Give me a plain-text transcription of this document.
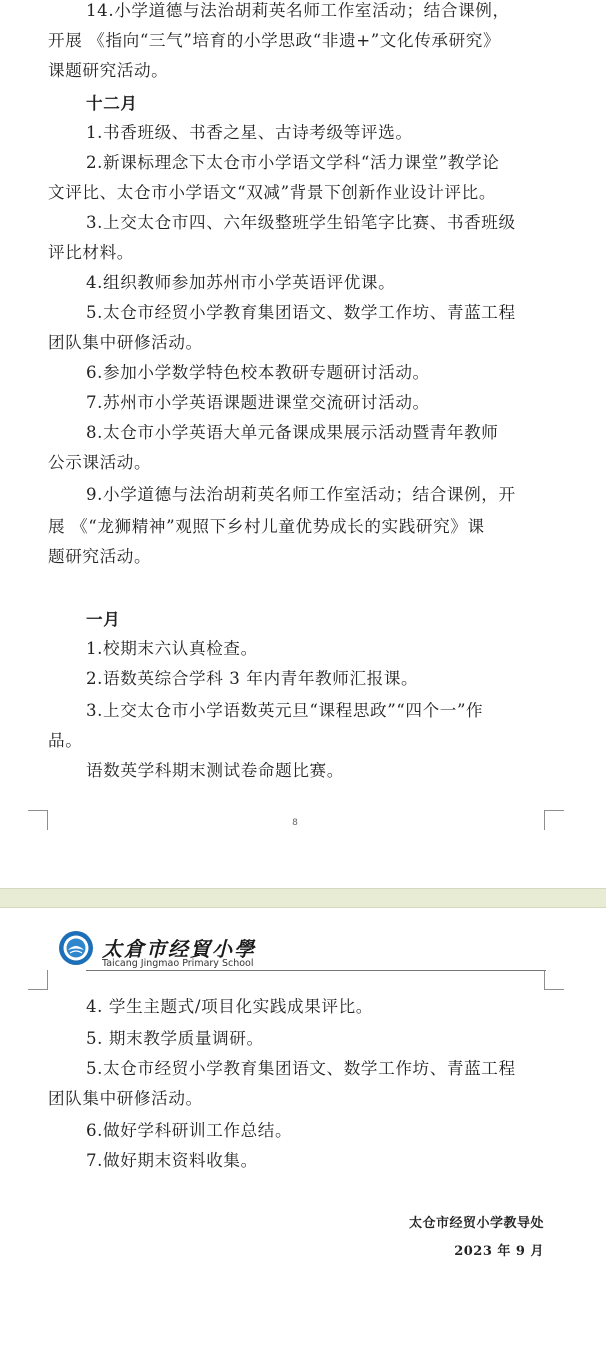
14.小学道德与法治胡莉英名师工作室活动；结合课例，
开展 《指向“三气”培育的小学思政“非遗+”文化传承研究》
课题研究活动。
十二月
1.书香班级、书香之星、古诗考级等评选。
2.新课标理念下太仓市小学语文学科“活力课堂”教学论
文评比、太仓市小学语文“双减”背景下创新作业设计评比。
3.上交太仓市四、六年级整班学生铅笔字比赛、书香班级
评比材料。
4.组织教师参加苏州市小学英语评优课。
5.太仓市经贸小学教育集团语文、数学工作坊、青蓝工程
团队集中研修活动。
6.参加小学数学特色校本教研专题研讨活动。
7.苏州市小学英语课题进课堂交流研讨活动。
8.太仓市小学英语大单元备课成果展示活动暨青年教师
公示课活动。
9.小学道德与法治胡莉英名师工作室活动；结合课例，开
展 《“龙狮精神”观照下乡村儿童优势成长的实践研究》课
题研究活动。
一月
1.校期末六认真检查。
2.语数英综合学科 3 年内青年教师汇报课。
3.上交太仓市小学语数英元旦“课程思政”“四个一”作
品。
语数英学科期末测试卷命题比赛。
8
太倉市经貿小學
Taicang Jingmao Primary School
4. 学生主题式/项目化实践成果评比。
5. 期末教学质量调研。
5.太仓市经贸小学教育集团语文、数学工作坊、青蓝工程
团队集中研修活动。
6.做好学科研训工作总结。
7.做好期末资料收集。
太仓市经贸小学教导处
2023 年 9 月
